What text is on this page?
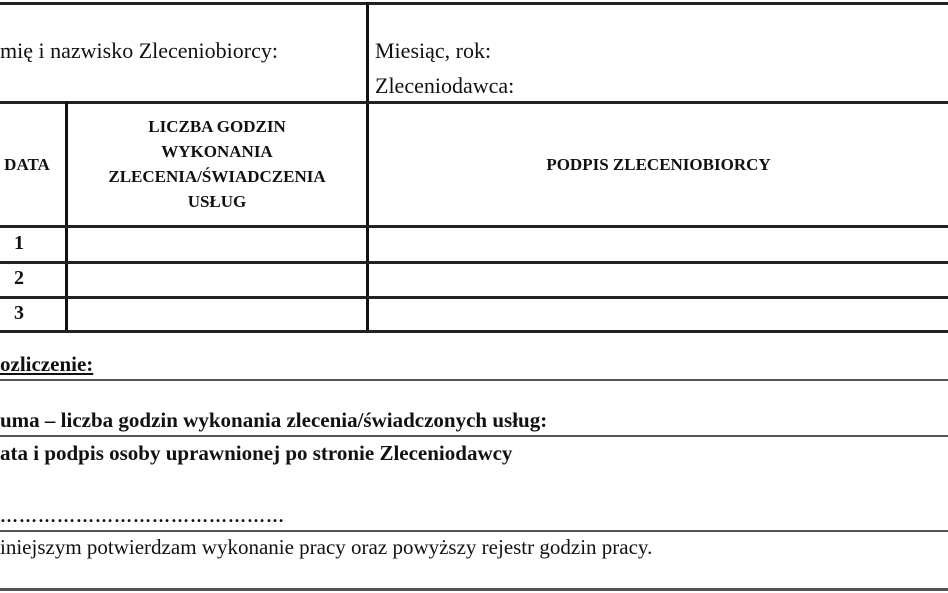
mię i nazwisko Zleceniobiorcy:	Miesiąc, rok:
Zleceniodawca:
DATA
LICZBA GODZIN
WYKONANIA
ZLECENIA/ŚWIADCZENIA
USŁUG
PODPIS ZLECENIOBIORCY
1
2
3
ozliczenie:
uma – liczba godzin wykonania zlecenia/świadczonych usług:
ata i podpis osoby uprawnionej po stronie Zleceniodawcy
………………………………………
iniejszym potwierdzam wykonanie pracy oraz powyższy rejestr godzin pracy.
